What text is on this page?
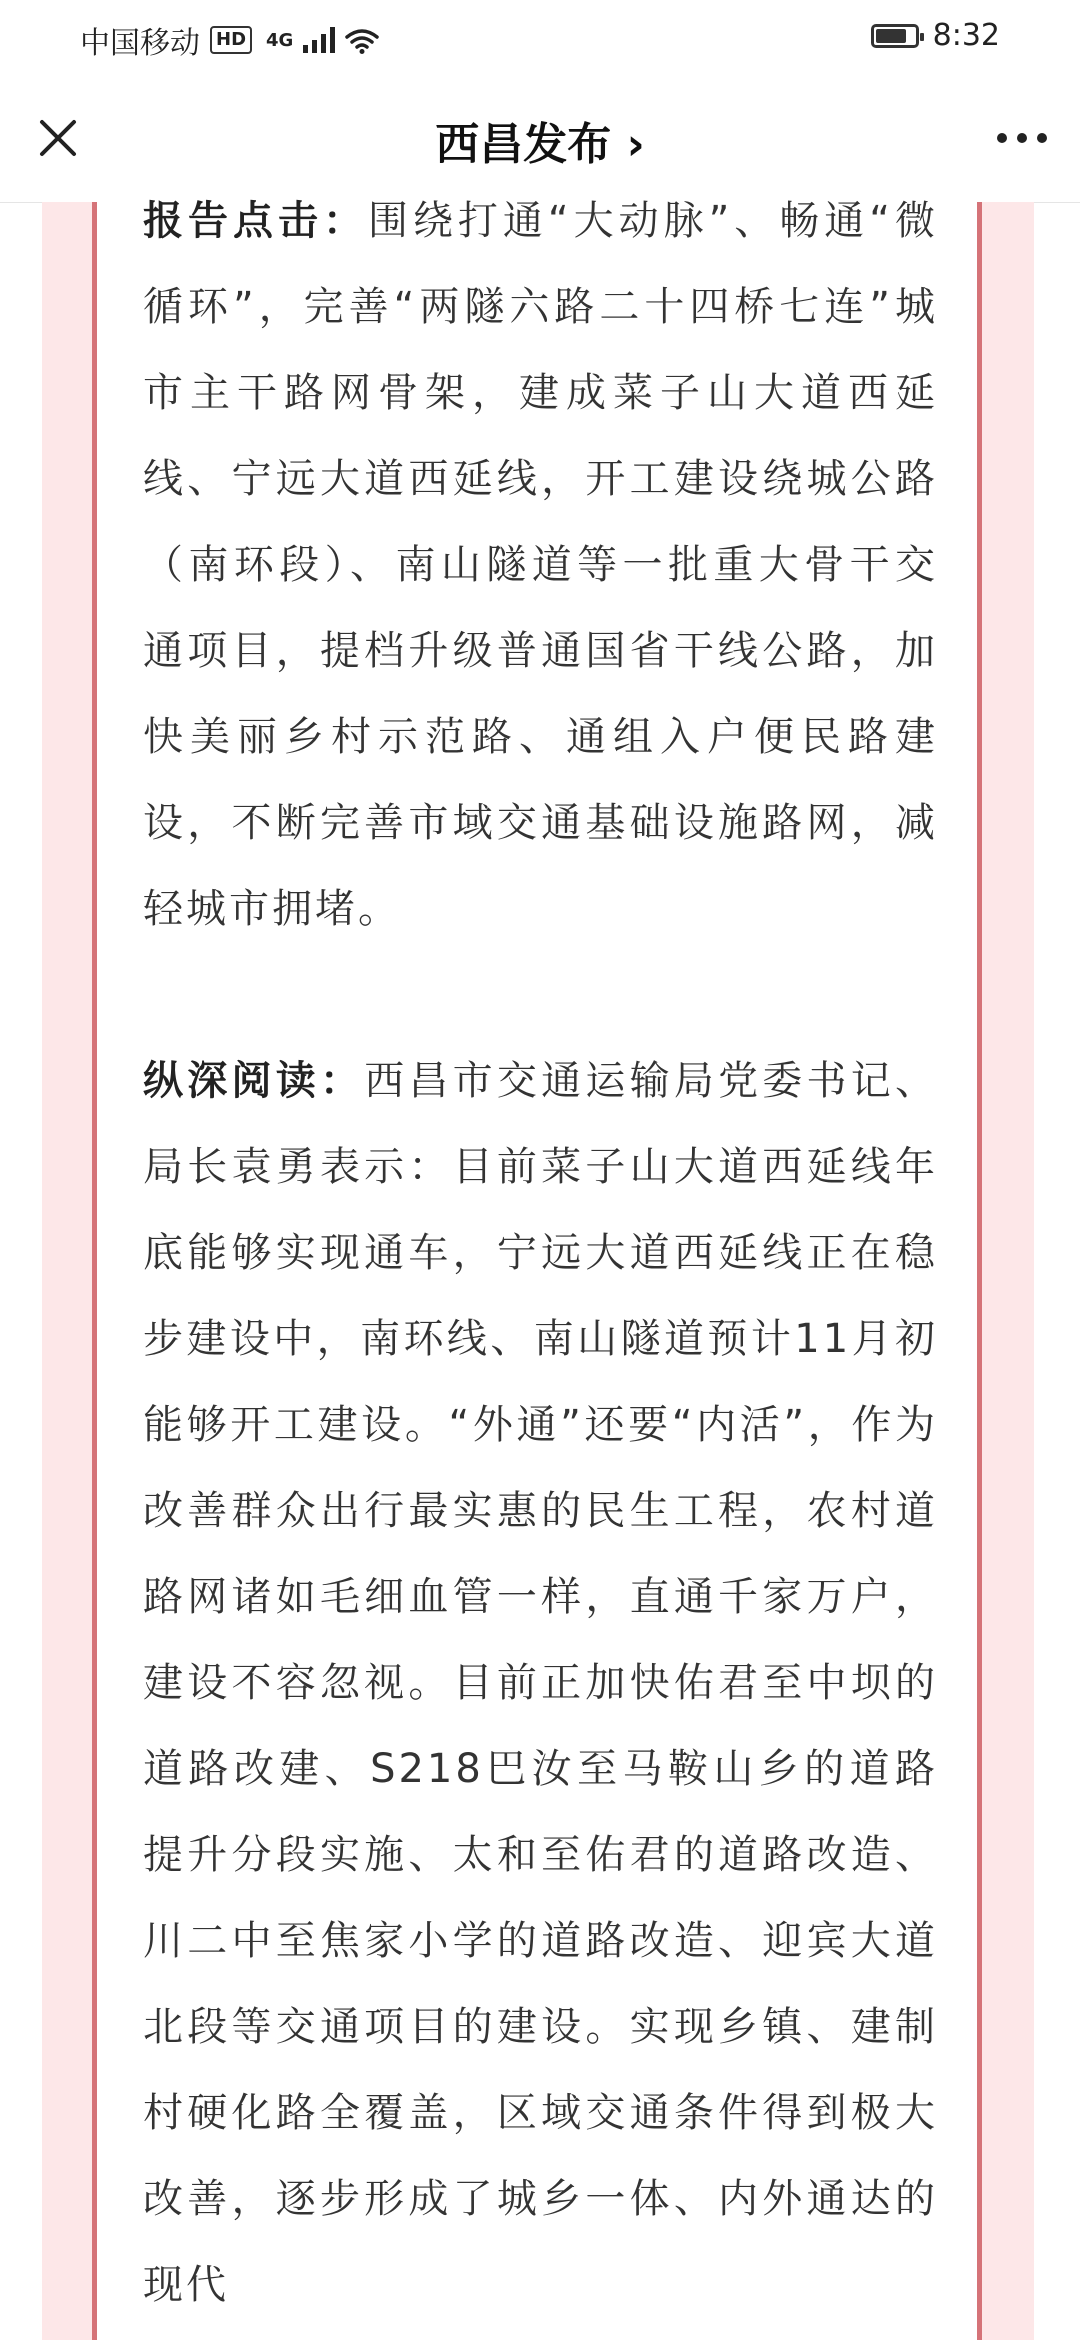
中国移动 HD	4G	8:32
西昌发布 ›

报告点击：围绕打通“大动脉”、畅通“微循环”，完善“两隧六路二十四桥七连”城市主干路网骨架，建成菜子山大道西延线、宁远大道西延线，开工建设绕城公路（南环段）、南山隧道等一批重大骨干交通项目，提档升级普通国省干线公路，加快美丽乡村示范路、通组入户便民路建设，不断完善市域交通基础设施路网，减轻城市拥堵。

纵深阅读：西昌市交通运输局党委书记、局长袁勇表示：目前菜子山大道西延线年底能够实现通车，宁远大道西延线正在稳步建设中，南环线、南山隧道预计11月初能够开工建设。“外通”还要“内活”，作为改善群众出行最实惠的民生工程，农村道路网诸如毛细血管一样，直通千家万户，建设不容忽视。目前正加快佑君至中坝的道路改建、S218巴汝至马鞍山乡的道路提升分段实施、太和至佑君的道路改造、川二中至焦家小学的道路改造、迎宾大道北段等交通项目的建设。实现乡镇、建制村硬化路全覆盖，区域交通条件得到极大改善，逐步形成了城乡一体、内外通达的现代
